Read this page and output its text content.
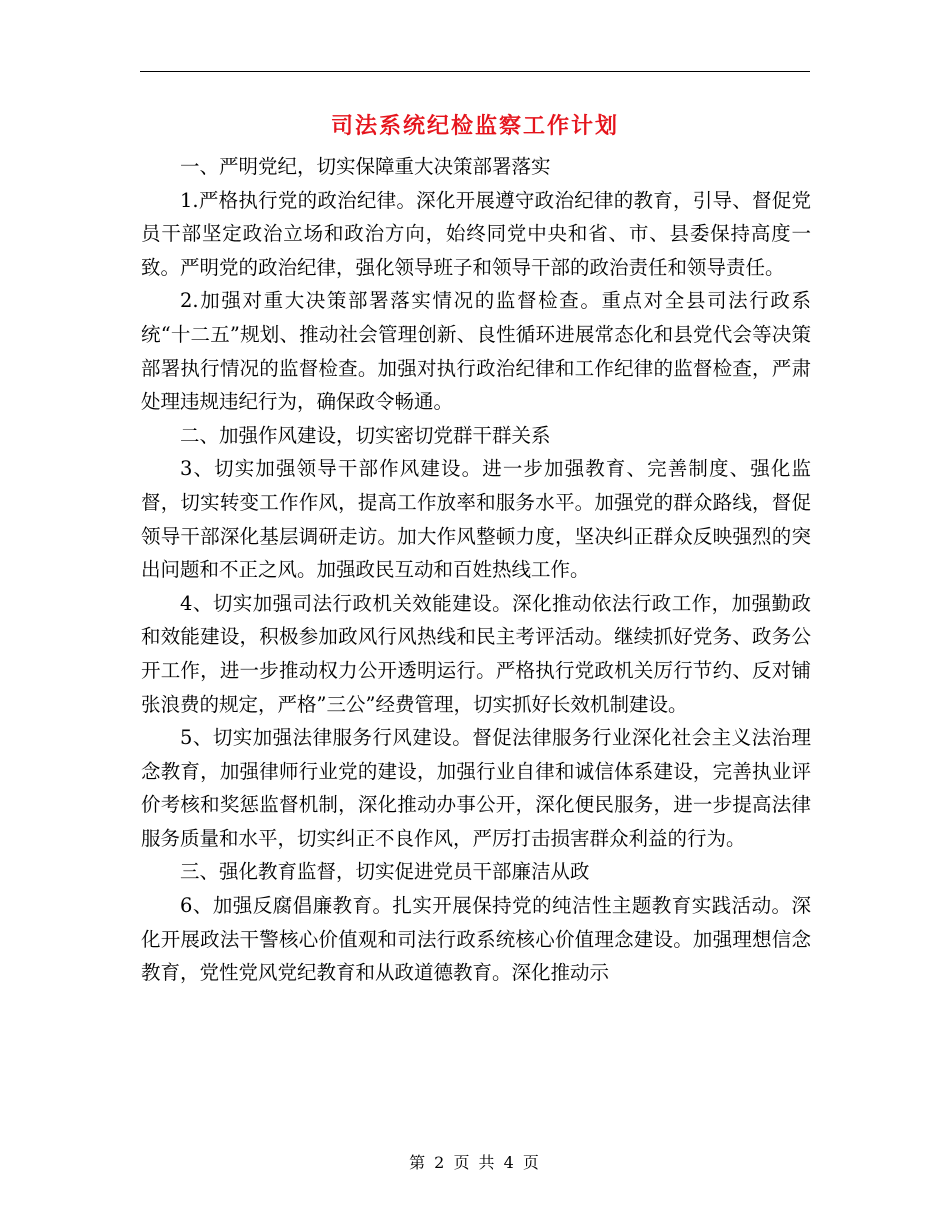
司法系统纪检监察工作计划

一、严明党纪，切实保障重大决策部署落实

1.严格执行党的政治纪律。深化开展遵守政治纪律的教育，引导、督促党员干部坚定政治立场和政治方向，始终同党中央和省、市、县委保持高度一致。严明党的政治纪律，强化领导班子和领导干部的政治责任和领导责任。

2.加强对重大决策部署落实情况的监督检查。重点对全县司法行政系统“十二五”规划、推动社会管理创新、良性循环进展常态化和县党代会等决策部署执行情况的监督检查。加强对执行政治纪律和工作纪律的监督检查，严肃处理违规违纪行为，确保政令畅通。

二、加强作风建设，切实密切党群干群关系

3、切实加强领导干部作风建设。进一步加强教育、完善制度、强化监督，切实转变工作作风，提高工作放率和服务水平。加强党的群众路线，督促领导干部深化基层调研走访。加大作风整顿力度，坚决纠正群众反映强烈的突出问题和不正之风。加强政民互动和百姓热线工作。

4、切实加强司法行政机关效能建设。深化推动依法行政工作，加强勤政和效能建设，积极参加政风行风热线和民主考评活动。继续抓好党务、政务公开工作，进一步推动权力公开透明运行。严格执行党政机关厉行节约、反对铺张浪费的规定，严格”三公”经费管理，切实抓好长效机制建设。

5、切实加强法律服务行风建设。督促法律服务行业深化社会主义法治理念教育，加强律师行业党的建设，加强行业自律和诚信体系建设，完善执业评价考核和奖惩监督机制，深化推动办事公开，深化便民服务，进一步提高法律服务质量和水平，切实纠正不良作风，严厉打击损害群众利益的行为。

三、强化教育监督，切实促进党员干部廉洁从政

6、加强反腐倡廉教育。扎实开展保持党的纯洁性主题教育实践活动。深化开展政法干警核心价值观和司法行政系统核心价值理念建设。加强理想信念教育，党性党风党纪教育和从政道德教育。深化推动示

第 2 页 共 4 页
